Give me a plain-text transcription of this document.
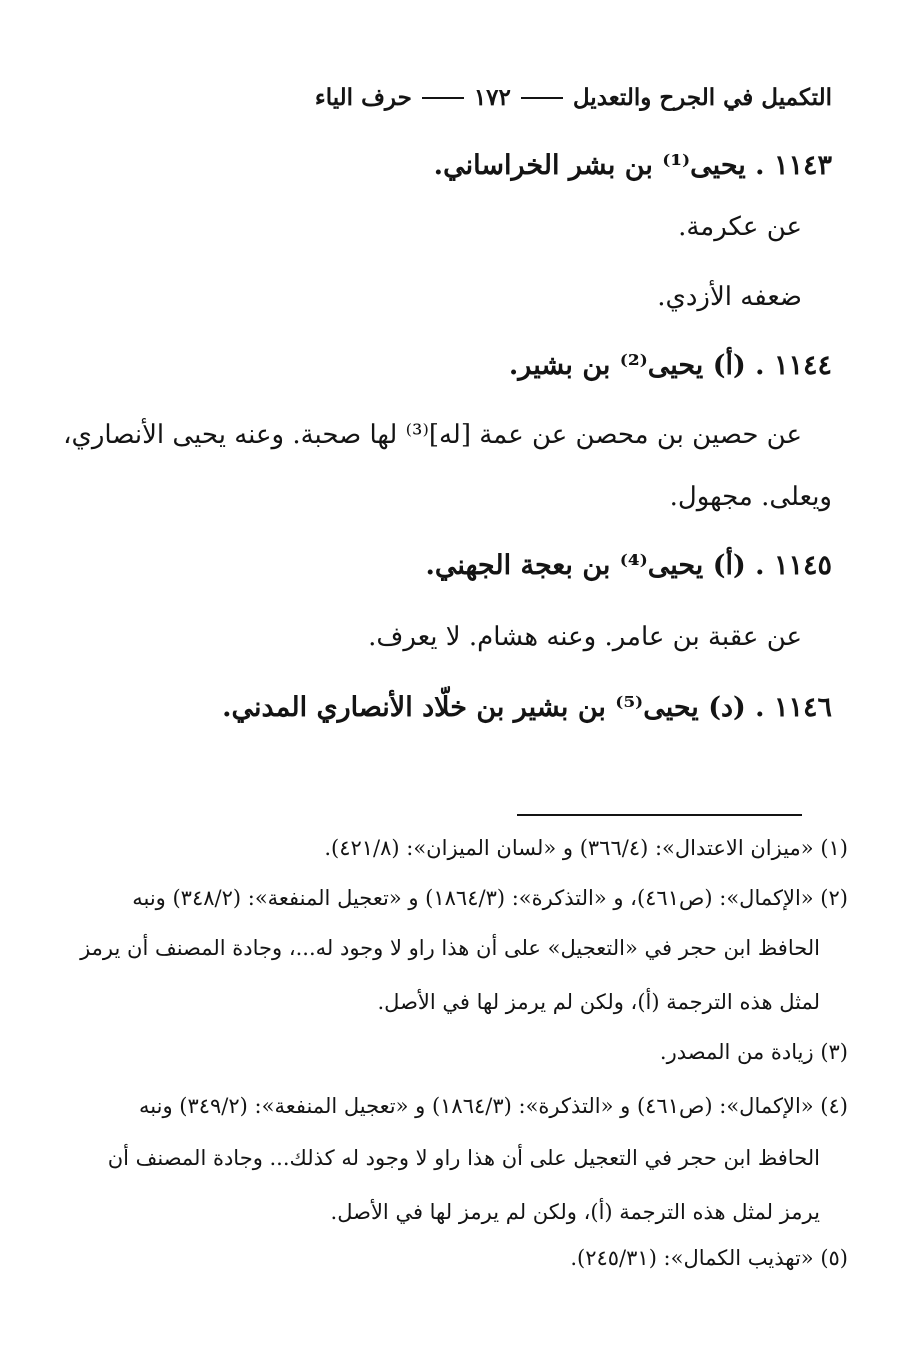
التكميل في الجرح والتعديل
١٧٢
حرف الياء
١١٤٣ . يحيى⁽¹⁾ بن بشر الخراساني.
عن عكرمة.
ضعفه الأزدي.
١١٤٤ . (أ) يحيى⁽²⁾ بن بشير.
عن حصين بن محصن عن عمة [له]⁽³⁾ لها صحبة. وعنه يحيى الأنصاري،
ويعلى. مجهول.
١١٤٥ . (أ) يحيى⁽⁴⁾ بن بعجة الجهني.
عن عقبة بن عامر. وعنه هشام. لا يعرف.
١١٤٦ . (د) يحيى⁽⁵⁾ بن بشير بن خلّاد الأنصاري المدني.
(١) «ميزان الاعتدال»: (٣٦٦/٤) و «لسان الميزان»: (٤٢١/٨).
(٢) «الإكمال»: (ص٤٦١)، و «التذكرة»: (١٨٦٤/٣) و «تعجيل المنفعة»: (٣٤٨/٢) ونبه
الحافظ ابن حجر في «التعجيل» على أن هذا راو لا وجود له...، وجادة المصنف أن يرمز
لمثل هذه الترجمة (أ)، ولكن لم يرمز لها في الأصل.
(٣) زيادة من المصدر.
(٤) «الإكمال»: (ص٤٦١) و «التذكرة»: (١٨٦٤/٣) و «تعجيل المنفعة»: (٣٤٩/٢) ونبه
الحافظ ابن حجر في التعجيل على أن هذا راو لا وجود له كذلك... وجادة المصنف أن
يرمز لمثل هذه الترجمة (أ)، ولكن لم يرمز لها في الأصل.
(٥) «تهذيب الكمال»: (٢٤٥/٣١).
